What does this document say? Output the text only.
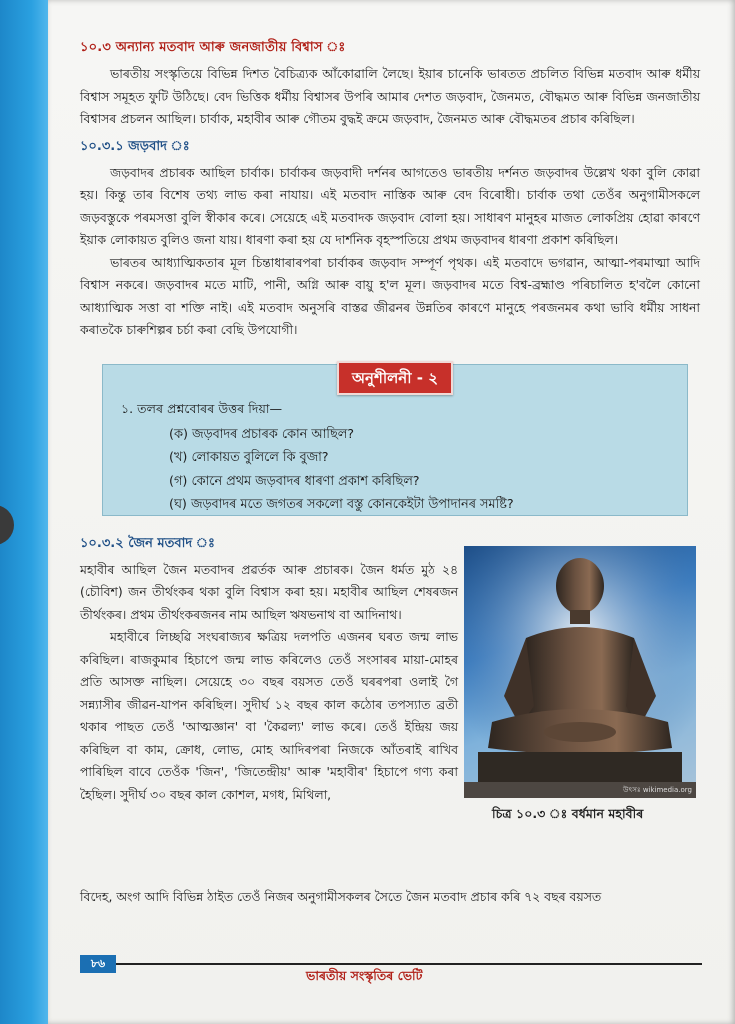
১০.৩ অন্যান্য মতবাদ আৰু জনজাতীয় বিশ্বাস ঃ

ভাৰতীয় সংস্কৃতিয়ে বিভিন্ন দিশত বৈচিত্ৰ্যক আঁকোৱালি লৈছে। ইয়াৰ চানেকি ভাৰতত প্ৰচলিত বিভিন্ন মতবাদ আৰু ধৰ্মীয় বিশ্বাস সমূহত ফুটি উঠিছে। বেদ ভিত্তিক ধৰ্মীয় বিশ্বাসৰ উপৰি আমাৰ দেশত জড়বাদ, জৈনমত, বৌদ্ধমত আৰু বিভিন্ন জনজাতীয় বিশ্বাসৰ প্ৰচলন আছিল। চাৰ্বাক, মহাবীৰ আৰু গৌতম বুদ্ধই ক্ৰমে জড়বাদ, জৈনমত আৰু বৌদ্ধমতৰ প্ৰচাৰ কৰিছিল।

১০.৩.১ জড়বাদ ঃ

জড়বাদৰ প্ৰচাৰক আছিল চাৰ্বাক। চাৰ্বাকৰ জড়বাদী দৰ্শনৰ আগতেও ভাৰতীয় দৰ্শনত জড়বাদৰ উল্লেখ থকা বুলি কোৱা হয়। কিন্তু তাৰ বিশেষ তথ্য লাভ কৰা নাযায়। এই মতবাদ নাস্তিক আৰু বেদ বিৰোধী। চাৰ্বাক তথা তেওঁৰ অনুগামীসকলে জড়বস্তুকে পৰমসত্তা বুলি স্বীকাৰ কৰে। সেয়েহে এই মতবাদক জড়বাদ বোলা হয়। সাধাৰণ মানুহৰ মাজত লোকপ্ৰিয় হোৱা কাৰণে ইয়াক লোকায়ত বুলিও জনা যায়। ধাৰণা কৰা হয় যে দাৰ্শনিক বৃহস্পতিয়ে প্ৰথম জড়বাদৰ ধাৰণা প্ৰকাশ কৰিছিল।

ভাৰতৰ আধ্যাত্মিকতাৰ মূল চিন্তাধাৰাৰপৰা চাৰ্বাকৰ জড়বাদ সম্পূৰ্ণ পৃথক। এই মতবাদে ভগৱান, আত্মা-পৰমাত্মা আদি বিশ্বাস নকৰে। জড়বাদৰ মতে মাটি, পানী, অগ্নি আৰু বায়ু হ'ল মূল। জড়বাদৰ মতে বিশ্ব-ব্ৰহ্মাণ্ড পৰিচালিত হ'বলৈ কোনো আধ্যাত্মিক সত্তা বা শক্তি নাই। এই মতবাদ অনুসৰি বাস্তৱ জীৱনৰ উন্নতিৰ কাৰণে মানুহে পৰজনমৰ কথা ভাবি ধৰ্মীয় সাধনা কৰাতকৈ চাৰুশিল্পৰ চৰ্চা কৰা বেছি উপযোগী।

অনুশীলনী - ২
১. তলৰ প্ৰশ্নবোৰৰ উত্তৰ দিয়া—
(ক) জড়বাদৰ প্ৰচাৰক কোন আছিল?
(খ) লোকায়ত বুলিলে কি বুজা?
(গ) কোনে প্ৰথম জড়বাদৰ ধাৰণা প্ৰকাশ কৰিছিল?
(ঘ) জড়বাদৰ মতে জগতৰ সকলো বস্তু কোনকেইটা উপাদানৰ সমষ্টি?
১০.৩.২ জৈন মতবাদ ঃ

মহাবীৰ আছিল জৈন মতবাদৰ প্ৰৱৰ্তক আৰু প্ৰচাৰক। জৈন ধৰ্মত মুঠ ২৪ (চৌবিশ) জন তীৰ্থংকৰ থকা বুলি বিশ্বাস কৰা হয়। মহাবীৰ আছিল শেষৰজন তীৰ্থংকৰ। প্ৰথম তীৰ্থংকৰজনৰ নাম আছিল ঋষভনাথ বা আদিনাথ।

মহাবীৰে লিচ্ছৱি সংঘৰাজ্যৰ ক্ষত্ৰিয় দলপতি এজনৰ ঘৰত জন্ম লাভ কৰিছিল। ৰাজকুমাৰ হিচাপে জন্ম লাভ কৰিলেও তেওঁ সংসাৰৰ মায়া-মোহৰ প্ৰতি আসক্ত নাছিল। সেয়েহে ৩০ বছৰ বয়সত তেওঁ ঘৰৰপৰা ওলাই গৈ সন্ন্যাসীৰ জীৱন-যাপন কৰিছিল। সুদীৰ্ঘ ১২ বছৰ কাল কঠোৰ তপস্যাত ব্ৰতী থকাৰ পাছত তেওঁ 'আত্মজ্ঞান' বা 'কৈৱল্য' লাভ কৰে। তেওঁ ইন্দ্ৰিয় জয় কৰিছিল বা কাম, ক্ৰোধ, লোভ, মোহ আদিৰপৰা নিজকে আঁতৰাই ৰাখিব পাৰিছিল বাবে তেওঁক 'জিন', 'জিতেন্দ্ৰীয়' আৰু 'মহাবীৰ' হিচাপে গণ্য কৰা হৈছিল। সুদীৰ্ঘ ৩০ বছৰ কাল কোশল, মগধ, মিথিলা,	উৎসঃ wikimedia.org
চিত্ৰ ১০.৩ ঃ বৰ্ধমান মহাবীৰ

বিদেহ, অংগ আদি বিভিন্ন ঠাইত তেওঁ নিজৰ অনুগামীসকলৰ সৈতে জৈন মতবাদ প্ৰচাৰ কৰি ৭২ বছৰ বয়সত

৮৬
ভাৰতীয় সংস্কৃতিৰ ভেটি
